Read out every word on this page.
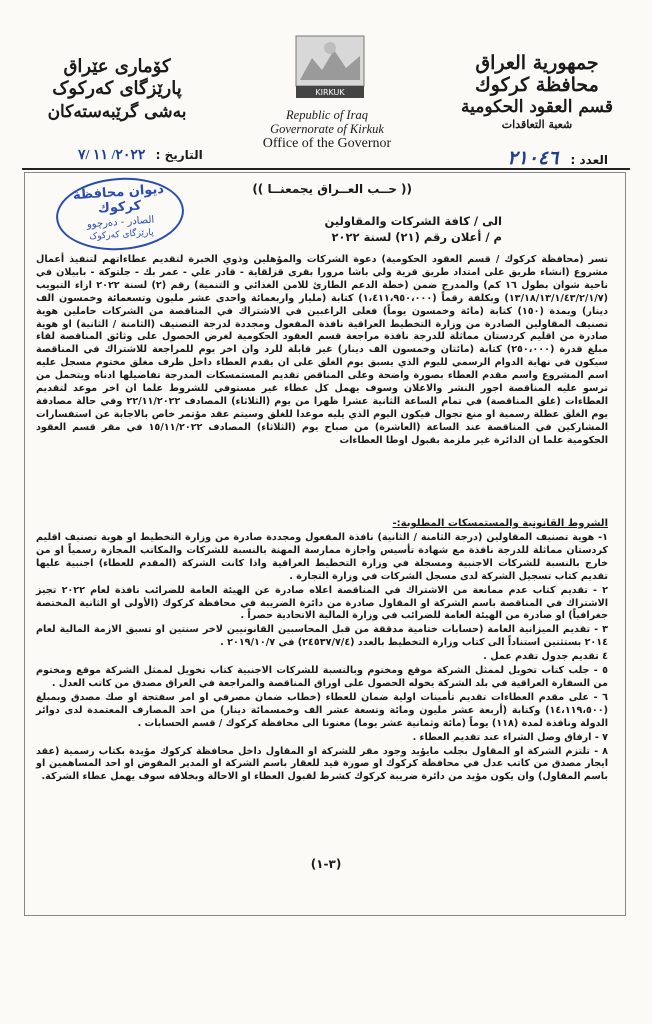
جمهورية العراق
محافظة كركوك
قسم العقود الحكومية
شعبة التعاقدات
كۆماری عێراق
پارێزگای کەرکوک
بەشی گرێبەستەکان
KIRKUK
Republic of Iraq
Governorate of Kirkuk
Office of the Governor
العدد : ٢١٠٤٦
التاريخ : ٢٠٢٢/ ١١ /٧
ديوان محافظة كركوك
الصادر - دەرچوو
پارێزگای کەرکوک
(( حــب العــراق يجمعنــا ))
الى / كافة الشركات والمقاولين
م / أعلان رقم (٢١) لسنة ٢٠٢٢
تسر (محافظة كركوك / قسم العقود الحكومية) دعوة الشركات والمؤهلين وذوي الخبرة لتقديم عطاءاتهم لتنفيذ أعمال مشروع (انشاء طريق على امتداد طريق قرية ولي باشا مرورا بقرى قزلقاية - قادر علي - عمر بك - جلتوكة - بابيلان في ناحية شوان بطول ١٦ كم) والمدرج ضمن (خطة الدعم الطارئ للامن الغذائي و التنمية) رقم (٢) لسنة ٢٠٢٢ ازاء التبويب (١٣/١٨/١٣/١/٤٣/٢/١/٧) وبكلفة رقماً (١،٤١١،٩٥٠،٠٠٠) كتابة (مليار واربعمائة واحدى عشر مليون وتسعمائة وخمسون الف دينار) وبمدة (١٥٠) كتابة (مائة وخمسون يوماً) فعلى الراغبين في الاشتراك في المناقصة من الشركات حاملين هوية تصنيف المقاولين الصادرة من وزارة التخطيط العراقية نافذة المفعول ومجددة لدرجة التصنيف (الثامنة / الثانية) او هوية صادرة من اقليم كردستان مماثلة للدرجة نافذة مراجعة قسم العقود الحكومية لغرض الحصول على وثائق المناقصة لقاء مبلغ قدرة (٢٥٠،٠٠٠) كتابة (مائتان وخمسون الف دينار) غير قابلة للرد وان اخر يوم للمراجعة للاشتراك في المناقصة سيكون في نهاية الدوام الرسمي لليوم الذي يسبق يوم الغلق على ان يقدم العطاء داخل ظرف مغلق مختوم مسجل عليه اسم المشروع واسم مقدم العطاء بصورة واضحة وعلى المناقص تقديم المستمسكات المدرجة تفاصيلها ادناه ويتحمل من ترسو عليه المناقصة اجور النشر والاعلان وسوف يهمل كل عطاء غير مستوفي للشروط علما ان اخر موعد لتقديم العطاءات (غلق المناقصة) في تمام الساعة الثانية عشرا ظهرا من يوم (الثلاثاء) المصادف ٢٢/١١/٢٠٢٢ وفي حالة مصادفة يوم الغلق عطلة رسمية او منع تجوال فيكون اليوم الذي يليه موعدا للغلق وسيتم عقد مؤتمر خاص بالاجابة عن استفسارات المشاركين في المناقصة عند الساعة (العاشرة) من صباح يوم (الثلاثاء) المصادف ١٥/١١/٢٠٢٢ في مقر قسم العقود الحكومية علما ان الدائرة غير ملزمة بقبول اوطا العطاءات
الشروط القانونية والمستمسكات المطلوبة:-
١- هوية تصنيف المقاولين (درجة الثامنة / الثانية) نافذة المفعول ومجددة صادرة من وزارة التخطيط او هوية تصنيف اقليم كردستان مماثلة للدرجة نافذة مع شهادة تأسيس واجازة ممارسة المهنة بالنسبة للشركات والمكاتب المجازة رسمياً او من خارج بالنسبة للشركات الاجنبية ومسجلة في وزارة التخطيط العراقية واذا كانت الشركة (المقدم للعطاء) اجنبية عليها تقديم كتاب تسجيل الشركة لدى مسجل الشركات في وزارة التجارة .
٢ - تقديم كتاب عدم ممانعة من الاشتراك في المناقصة اعلاه صادرة عن الهيئة العامة للضرائب نافذة لعام ٢٠٢٢ تجيز الاشتراك في المناقصة باسم الشركة او المقاول صادرة من دائرة الضريبة في محافظة كركوك (الأولى او الثانية المختصة جغرافياً) او صادرة من الهيئة العامة للضرائب في وزارة المالية الاتحادية حصراً .
٣ - تقديم الميزانية العامة (حسابات ختامية مدققة من قبل المحاسبين القانونيين لاخر سنتين او تسبق الازمة المالية لعام ٢٠١٤ بستثنين استناداً الى كتاب وزارة التخطيط بالعدد (٢٤٥٣٧/٧/٤) في ٢٠١٩/١٠/٧ .
٤ تقديم جدول تقدم عمل .
٥ - جلب كتاب تخويل لممثل الشركة موقع ومختوم وبالنسبة للشركات الاجنبية كتاب تخويل لممثل الشركة موقع ومختوم من السفارة العراقية في بلد الشركة يخوله الحصول على اوراق المناقصة والمراجعة في العراق مصدق من كاتب العدل .
٦ - على مقدم العطاءات تقديم تأمينات اولية ضمان للعطاء (خطاب ضمان مصرفي او امر سفتجة او صك مصدق وبمبلغ (١٤،١١٩،٥٠٠) وكتابة (أربعة عشر مليون ومائة وتسعة عشر الف وخمسمائة دينار) من احد المصارف المعتمدة لدى دوائر الدولة ونافذة لمدة (١١٨) يوماً (مائة وثمانية عشر يوما) معنونا الى محافظة كركوك / قسم الحسابات .
٧ - ارفاق وصل الشراء عند تقديم العطاء .
٨ - تلتزم الشركة او المقاول بجلب مايؤيد وجود مقر للشركة او المقاول داخل محافظة كركوك مؤيدة بكتاب رسمية (عقد ايجار مصدق من كاتب عدل في محافظة كركوك او صورة قيد للعقار باسم الشركة او المدير المفوض او احد المساهمين او باسم المقاول) وان يكون مؤيد من دائرة ضريبة كركوك كشرط لقبول العطاء او الاحالة وبخلافه سوف يهمل عطاء الشركة.
(٣-١)
